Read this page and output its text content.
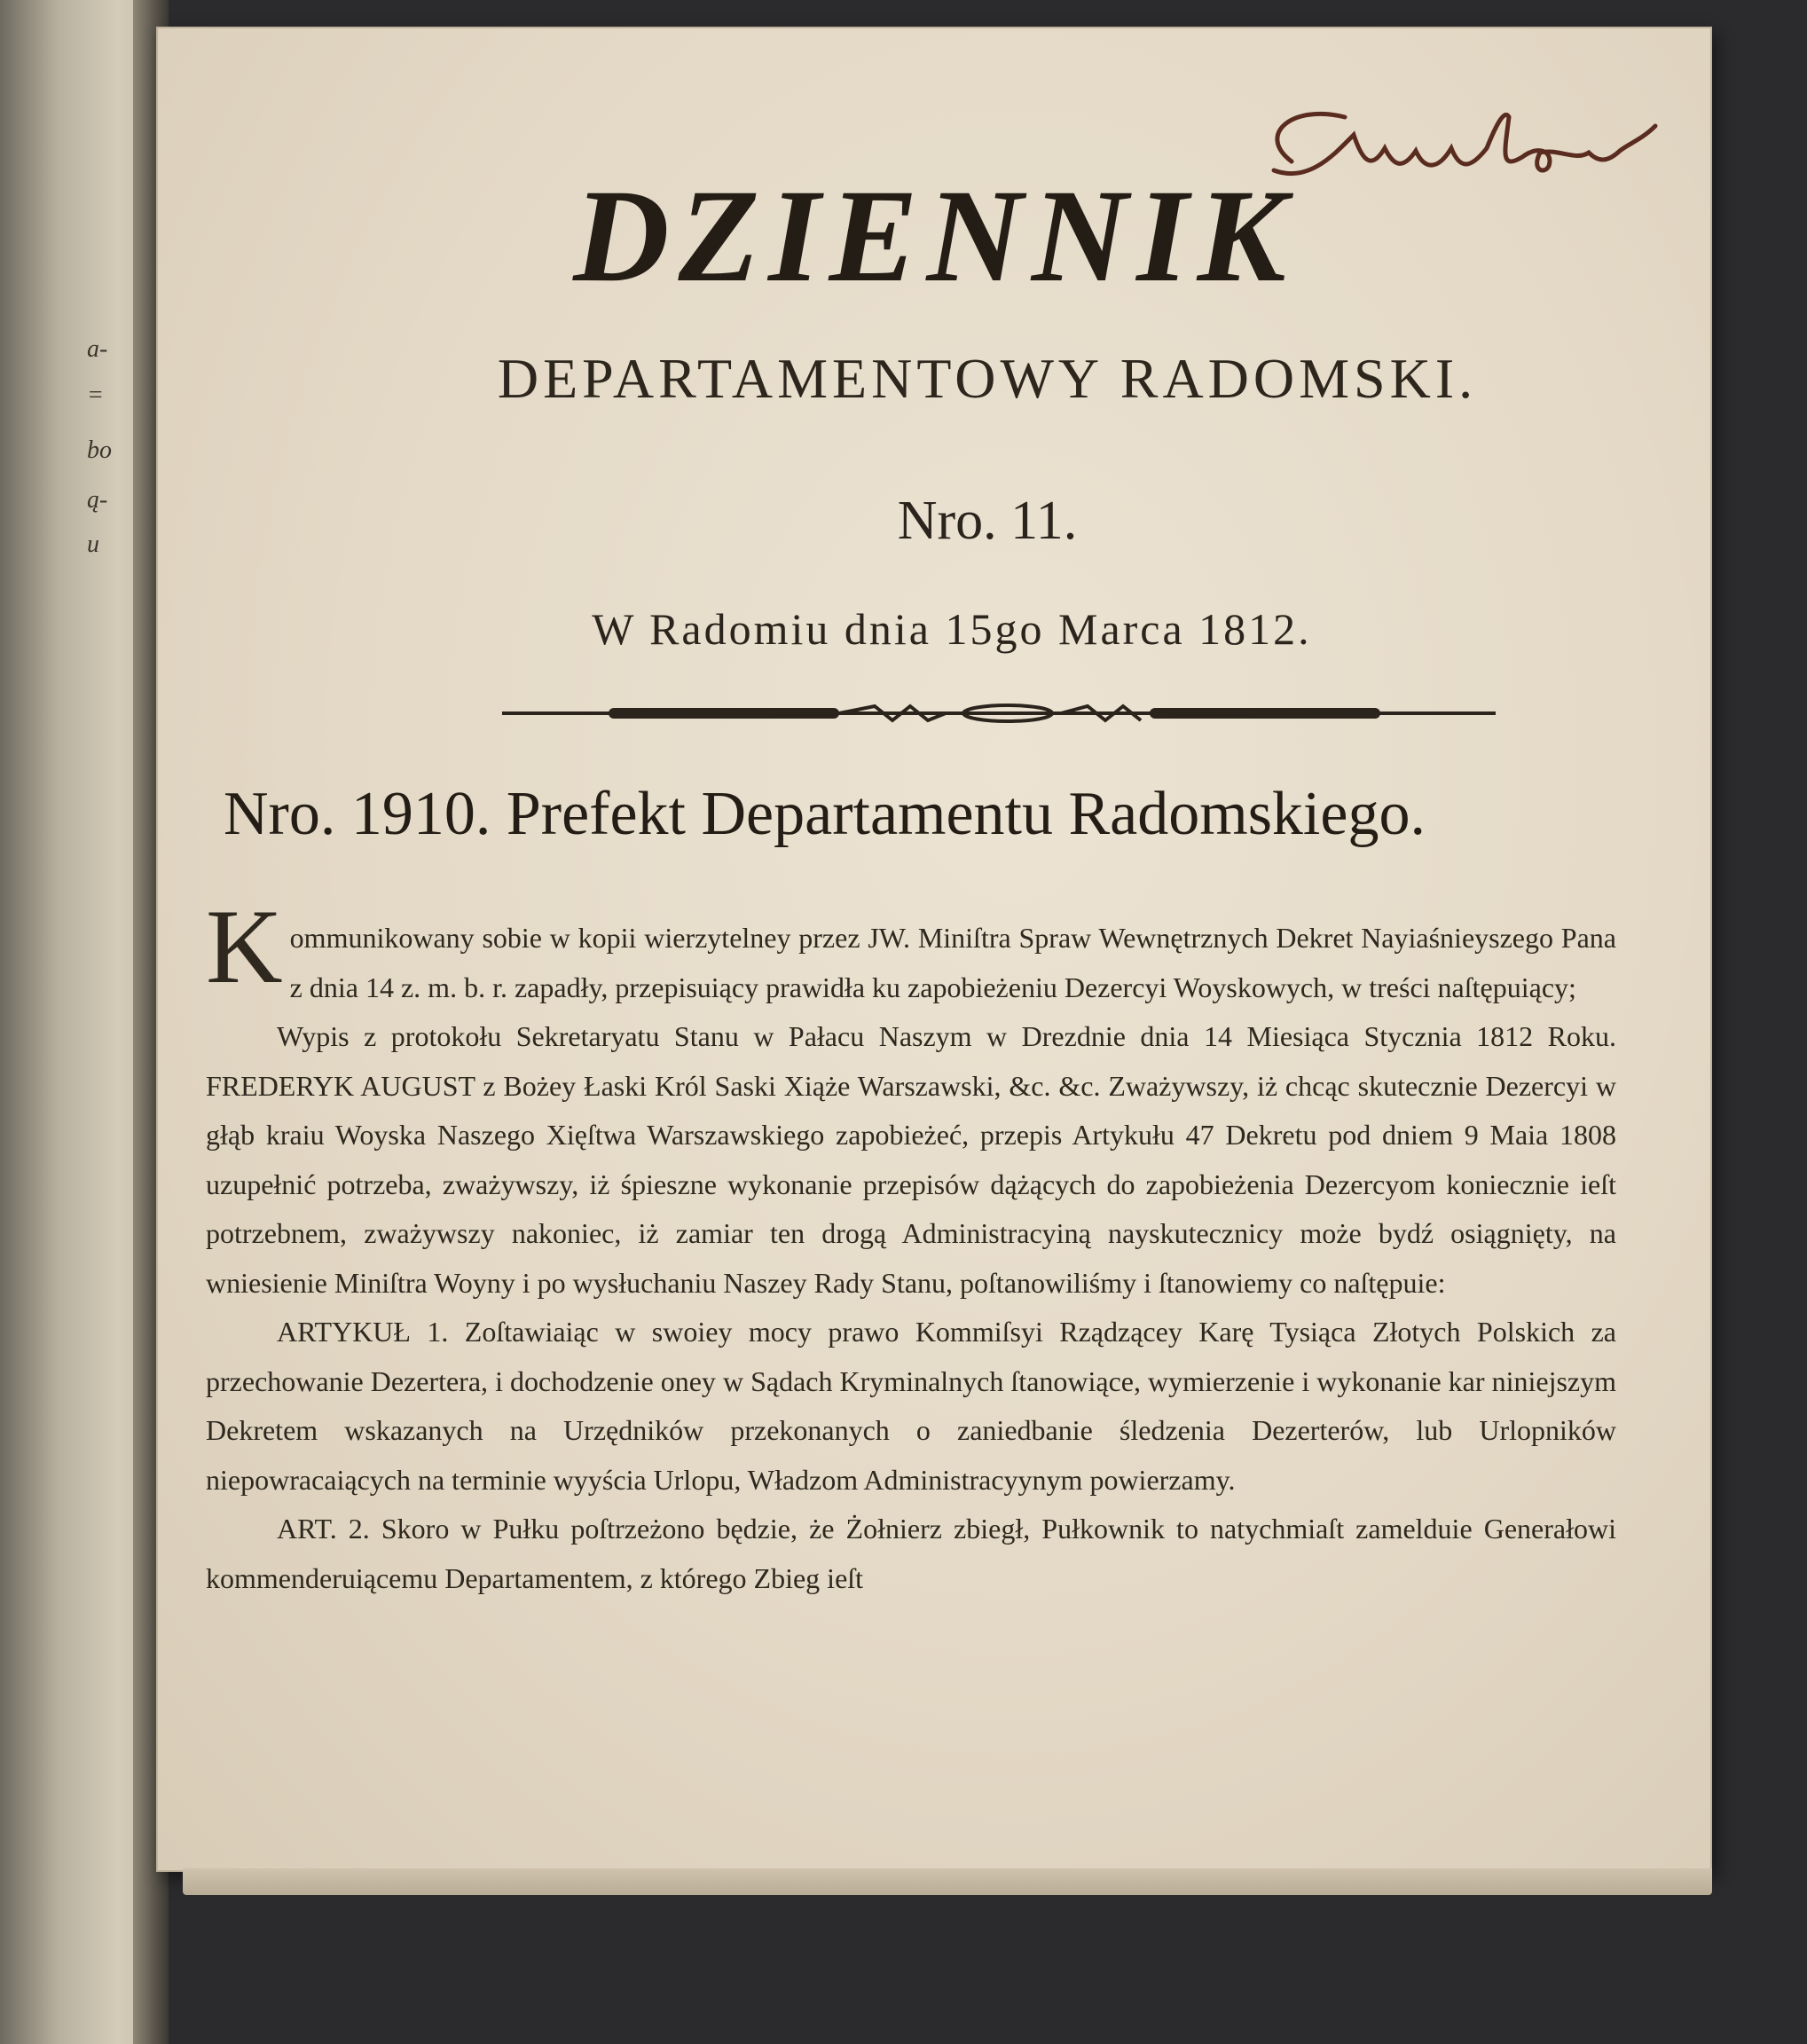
a-
=
bo
ą-
u
DZIENNIK
DEPARTAMENTOWY RADOMSKI.
Nro. 11.
W Radomiu dnia 15go Marca 1812.
Nro. 1910. Prefekt Departamentu Radomskiego.

K ommunikowany sobie w kopii wierzytelney przez JW. Miniſtra Spraw Wewnętrznych Dekret Nayiaśnieyszego Pana z dnia 14 z. m. b. r. zapadły, przepisuiący prawidła ku zapobieżeniu Dezercyi Woyskowych, w treści naſtępuiący;

Wypis z protokołu Sekretaryatu Stanu w Pałacu Naszym w Drezdnie dnia 14 Miesiąca Stycznia 1812 Roku. FREDERYK AUGUST z Bożey Łaski Król Saski Xiąże Warszawski, &c. &c. Zważywszy, iż chcąc skutecznie Dezercyi w głąb kraiu Woyska Naszego Xięſtwa Warszawskiego zapobieżeć, przepis Artykułu 47 Dekretu pod dniem 9 Maia 1808 uzupełnić potrzeba, zważywszy, iż śpieszne wykonanie przepisów dążących do zapobieżenia Dezercyom koniecznie ieſt potrzebnem, zważywszy nakoniec, iż zamiar ten drogą Administracyiną nayskutecznicy może bydź osiągnięty, na wniesienie Miniſtra Woyny i po wysłuchaniu Naszey Rady Stanu, poſtanowiliśmy i ſtanowiemy co naſtępuie:

ARTYKUŁ 1. Zoſtawiaiąc w swoiey mocy prawo Kommiſsyi Rządzącey Karę Tysiąca Złotych Polskich za przechowanie Dezertera, i dochodzenie oney w Sądach Kryminalnych ſtanowiące, wymierzenie i wykonanie kar niniejszym Dekretem wskazanych na Urzędników przekonanych o zaniedbanie śledzenia Dezerterów, lub Urlopników niepowracaiących na terminie wyyścia Urlopu, Władzom Administracyynym powierzamy.

ART. 2. Skoro w Pułku poſtrzeżono będzie, że Żołnierz zbiegł, Pułkownik to natychmiaſt zamelduie Generałowi kommenderuiącemu Departamentem, z którego Zbieg ieſt
